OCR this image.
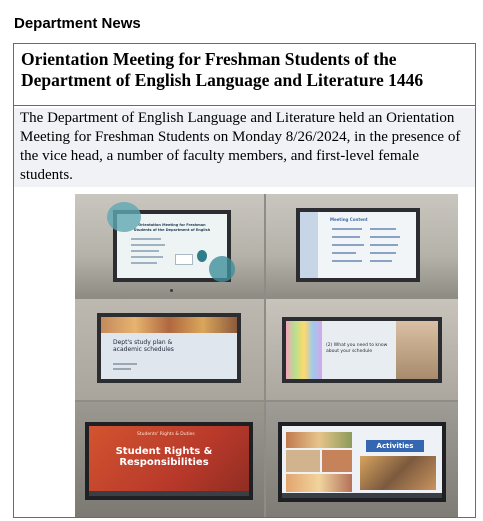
Department News
Orientation Meeting for Freshman Students of the Department of English Language and Literature 1446
The Department of English Language and Literature held an Orientation Meeting for Freshman Students on Monday 8/26/2024, in the presence of the vice head, a number of faculty members, and first-level female students.
Orientation Meeting for Freshman Students of the Department of English
Meeting Content
Dept's study plan & academic schedules
(2) What you need to know about your schedule
Students' Rights & Duties
Student Rights & Responsibilities
Activities
